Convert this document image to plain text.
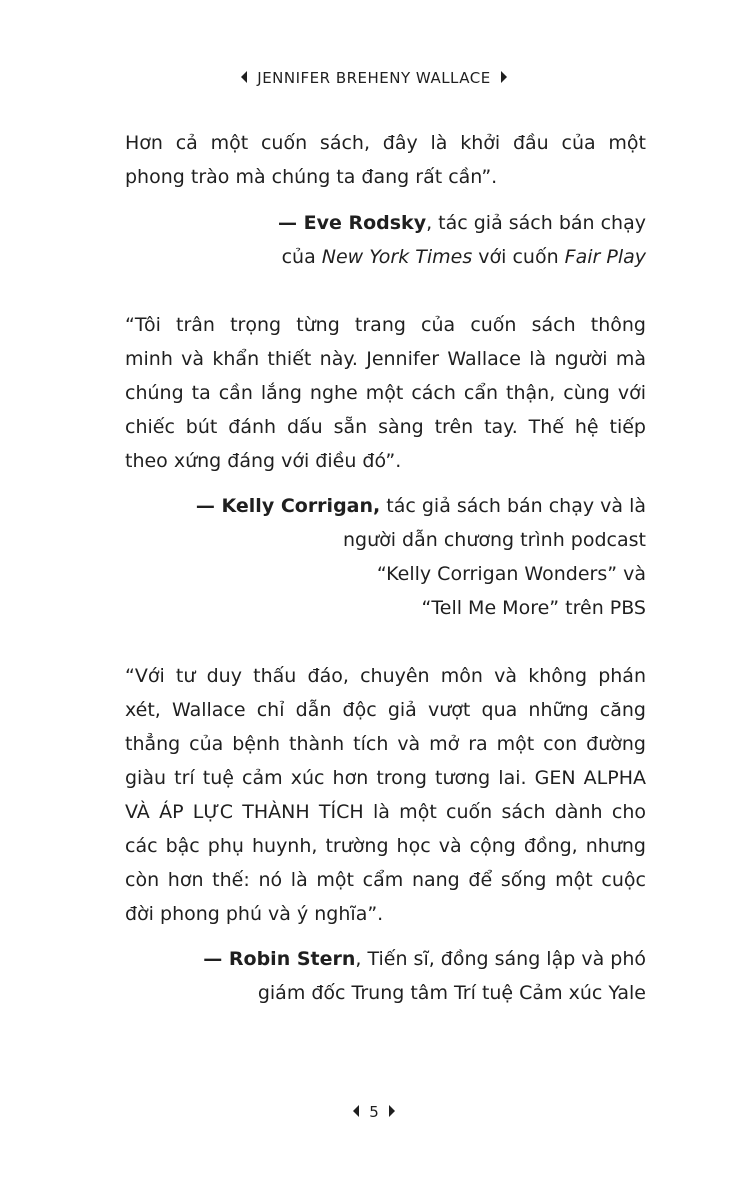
JENNIFER BREHENY WALLACE

Hơn cả một cuốn sách, đây là khởi đầu của một
phong trào mà chúng ta đang rất cần”.

— Eve Rodsky, tác giả sách bán chạy

của New York Times với cuốn Fair Play

“Tôi trân trọng từng trang của cuốn sách thông
minh và khẩn thiết này. Jennifer Wallace là người mà
chúng ta cần lắng nghe một cách cẩn thận, cùng với
chiếc bút đánh dấu sẵn sàng trên tay. Thế hệ tiếp
theo xứng đáng với điều đó”.

— Kelly Corrigan, tác giả sách bán chạy và là

người dẫn chương trình podcast

“Kelly Corrigan Wonders” và

“Tell Me More” trên PBS

“Với tư duy thấu đáo, chuyên môn và không phán
xét, Wallace chỉ dẫn độc giả vượt qua những căng
thẳng của bệnh thành tích và mở ra một con đường
giàu trí tuệ cảm xúc hơn trong tương lai. GEN ALPHA
VÀ ÁP LỰC THÀNH TÍCH là một cuốn sách dành cho
các bậc phụ huynh, trường học và cộng đồng, nhưng
còn hơn thế: nó là một cẩm nang để sống một cuộc
đời phong phú và ý nghĩa”.

— Robin Stern, Tiến sĩ, đồng sáng lập và phó

giám đốc Trung tâm Trí tuệ Cảm xúc Yale

5
